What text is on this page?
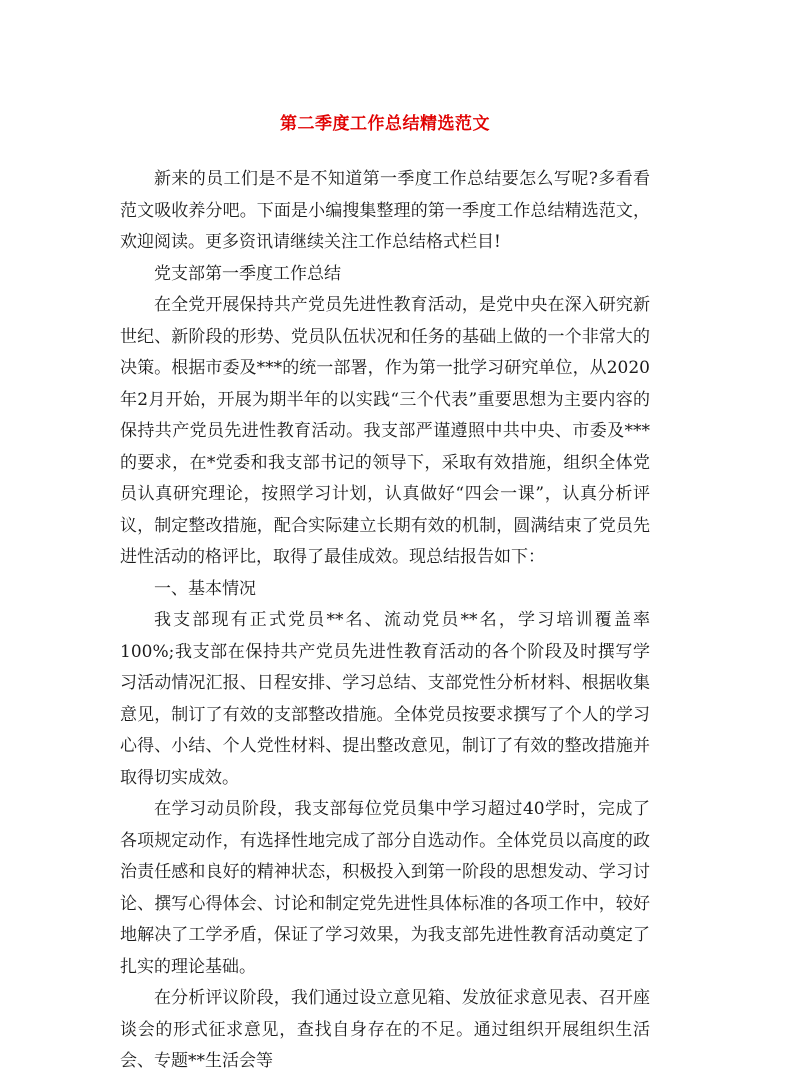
第二季度工作总结精选范文

新来的员工们是不是不知道第一季度工作总结要怎么写呢?多看看范文吸收养分吧。下面是小编搜集整理的第一季度工作总结精选范文，欢迎阅读。更多资讯请继续关注工作总结格式栏目!

党支部第一季度工作总结

在全党开展保持共产党员先进性教育活动，是党中央在深入研究新世纪、新阶段的形势、党员队伍状况和任务的基础上做的一个非常大的决策。根据市委及***的统一部署，作为第一批学习研究单位，从2020年2月开始，开展为期半年的以实践“三个代表”重要思想为主要内容的保持共产党员先进性教育活动。我支部严谨遵照中共中央、市委及***的要求，在*党委和我支部书记的领导下，采取有效措施，组织全体党员认真研究理论，按照学习计划，认真做好“四会一课”，认真分析评议，制定整改措施，配合实际建立长期有效的机制，圆满结束了党员先进性活动的格评比，取得了最佳成效。现总结报告如下：

一、基本情况

我支部现有正式党员**名、流动党员**名，学习培训覆盖率100%;我支部在保持共产党员先进性教育活动的各个阶段及时撰写学习活动情况汇报、日程安排、学习总结、支部党性分析材料、根据收集意见，制订了有效的支部整改措施。全体党员按要求撰写了个人的学习心得、小结、个人党性材料、提出整改意见，制订了有效的整改措施并取得切实成效。

在学习动员阶段，我支部每位党员集中学习超过40学时，完成了各项规定动作，有选择性地完成了部分自选动作。全体党员以高度的政治责任感和良好的精神状态，积极投入到第一阶段的思想发动、学习讨论、撰写心得体会、讨论和制定党先进性具体标准的各项工作中，较好地解决了工学矛盾，保证了学习效果，为我支部先进性教育活动奠定了扎实的理论基础。

在分析评议阶段，我们通过设立意见箱、发放征求意见表、召开座谈会的形式征求意见，查找自身存在的不足。通过组织开展组织生活会、专题**生活会等
